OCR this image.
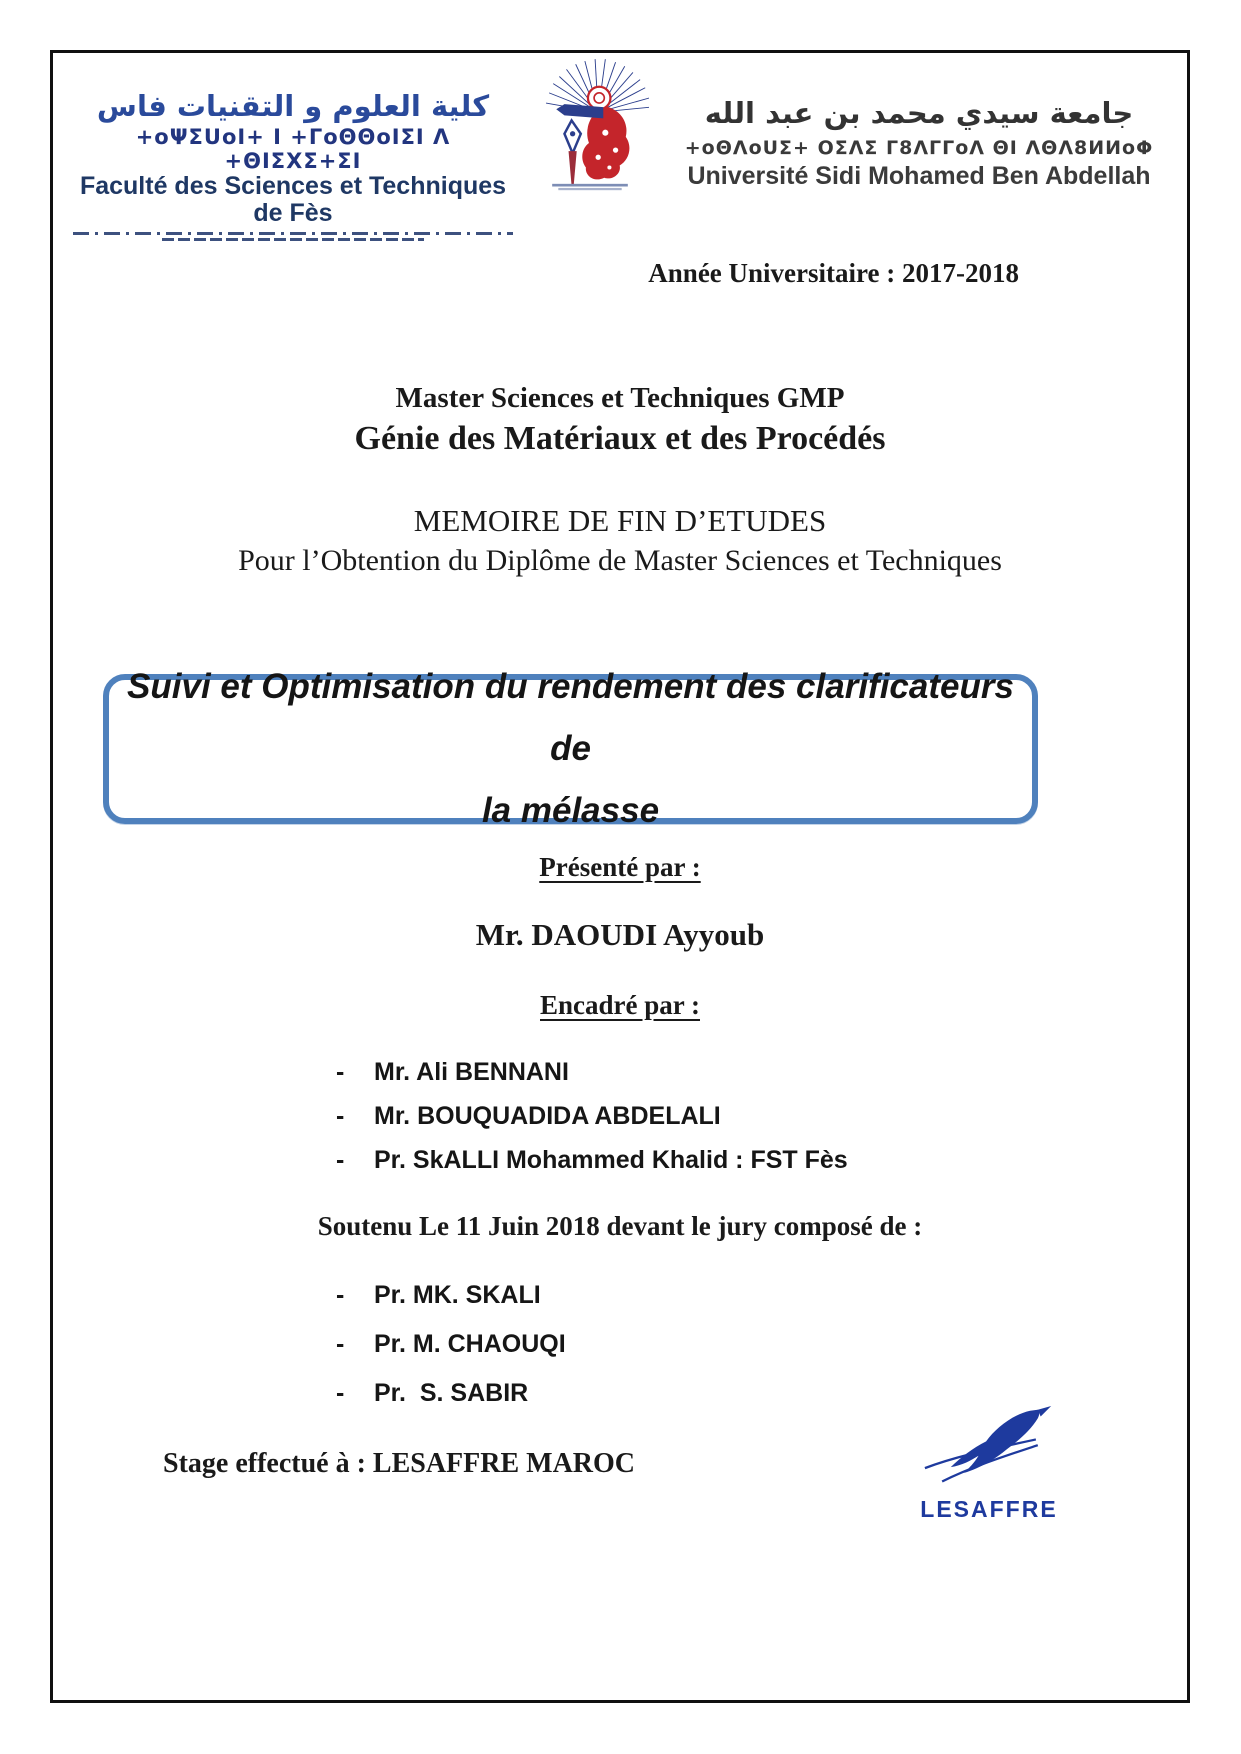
كلية العلوم و التقنيات فاس
+oΨΣUoI+ I +ΓoΘΘoIΣI Λ +ΘIΣΧΣ+ΣI
Faculté des Sciences et Techniques de Fès
جامعة سيدي محمد بن عبد الله
+oΘΛoUΣ+ ΟΣΛΣ Γ8ΛΓΓoΛ ΘI ΛΘΛ8ИИoΦ
Université Sidi Mohamed Ben Abdellah
Année Universitaire : 2017-2018
Master Sciences et Techniques GMP
Génie des Matériaux et des Procédés
MEMOIRE DE FIN D’ETUDES
Pour l’Obtention du Diplôme de Master Sciences et Techniques
Suivi et Optimisation du rendement des clarificateurs de
la mélasse
Présenté par :
Mr. DAOUDI Ayyoub
Encadré par :
-	Mr. Ali BENNANI
-	Mr. BOUQUADIDA ABDELALI
-	Pr. SkALLI Mohammed Khalid : FST Fès
Soutenu Le 11 Juin 2018 devant le jury composé de :
-	Pr. MK. SKALI
-	Pr. M. CHAOUQI
-	Pr.  S. SABIR
Stage effectué à : LESAFFRE MAROC
LESAFFRE
